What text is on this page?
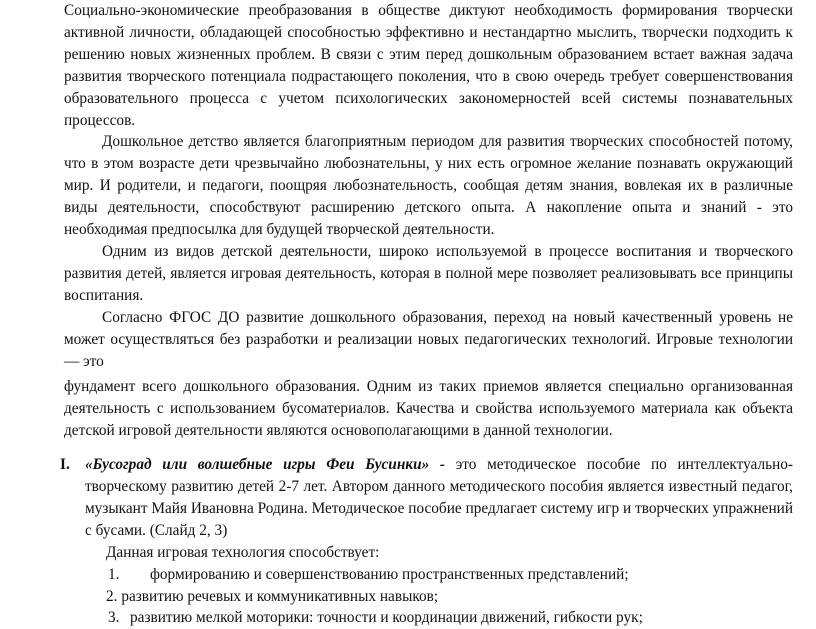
Социально-экономические преобразования в обществе диктуют необходимость формирования творчески активной личности, обладающей способностью эффективно и нестандартно мыслить, творчески подходить к решению новых жизненных проблем. В связи с этим перед дошкольным образованием встает важная задача развития творческого потенциала подрастающего поколения, что в свою очередь требует совершенствования образовательного процесса с учетом психологических закономерностей всей системы познавательных процессов.

Дошкольное детство является благоприятным периодом для развития творческих способностей потому, что в этом возрасте дети чрезвычайно любознательны, у них есть огромное желание познавать окружающий мир. И родители, и педагоги, поощряя любознательность, сообщая детям знания, вовлекая их в различные виды деятельности, способствуют расширению детского опыта. А накопление опыта и знаний - это необходимая предпосылка для будущей творческой деятельности.

Одним из видов детской деятельности, широко используемой в процессе воспитания и творческого развития детей, является игровая деятельность, которая в полной мере позволяет реализовывать все принципы воспитания.

Согласно ФГОС ДО развитие дошкольного образования, переход на новый качественный уровень не может осуществляться без разработки и реализации новых педагогических технологий. Игровые технологии — это

фундамент всего дошкольного образования. Одним из таких приемов является специально организованная деятельность с использованием бусоматериалов. Качества и свойства используемого материала как объекта детской игровой деятельности являются основополагающими в данной технологии.

I. «Бусоград или волшебные игры Феи Бусинки» - это методическое пособие по интеллектуально-творческому развитию детей 2-7 лет. Автором данного методического пособия является известный педагог, музыкант Майя Ивановна Родина. Методическое пособие предлагает систему игр и творческих упражнений с бусами. (Слайд 2, 3)

Данная игровая технология способствует:

1.	формированию и совершенствованию пространственных представлений;
2. развитию речевых и коммуникативных навыков;
3. развитию мелкой моторики: точности и координации движений, гибкости рук;
